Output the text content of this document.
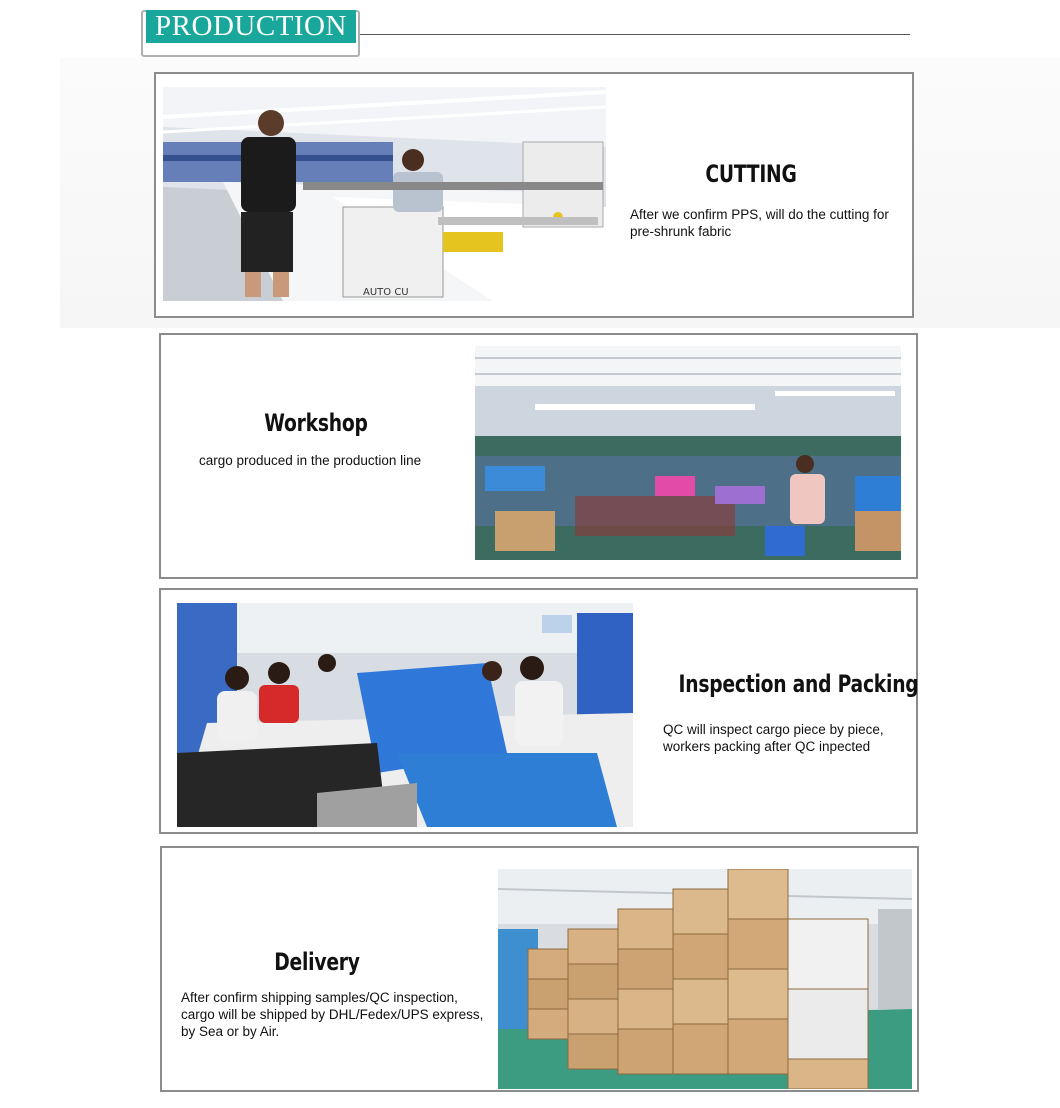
PRODUCTION
AUTO CU
CUTTING
After we confirm PPS, will do the cutting for
pre-shrunk fabric
Workshop
cargo produced in the production line
Inspection and Packing
QC will inspect cargo piece by piece,
workers packing after QC inpected
Delivery
After confirm shipping samples/QC inspection,
cargo will be shipped by DHL/Fedex/UPS express,
by Sea or by Air.
